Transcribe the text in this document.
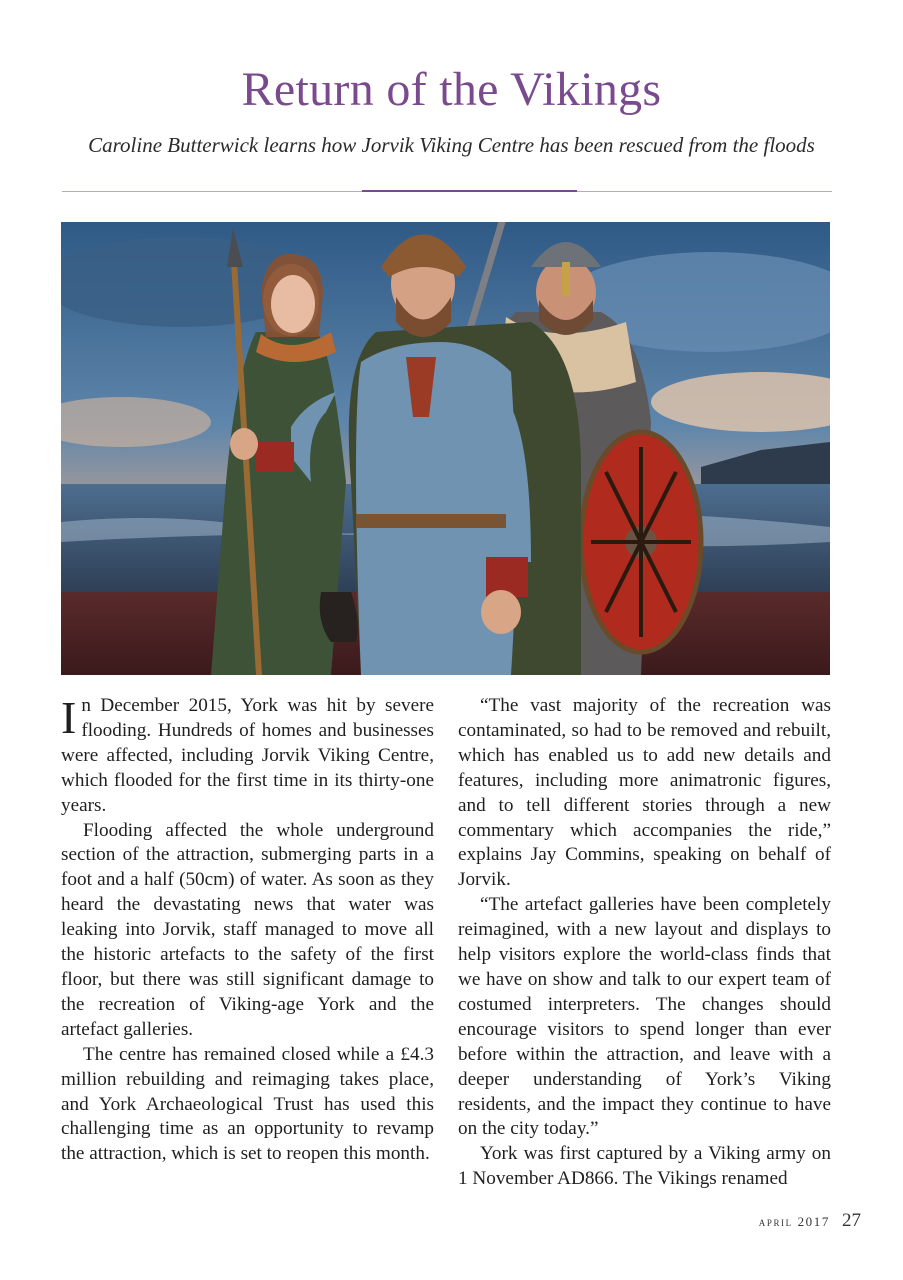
Return of the Vikings
Caroline Butterwick learns how Jorvik Viking Centre has been rescued from the floods

In December 2015, York was hit by severe flooding. Hundreds of homes and businesses were affected, including Jorvik Viking Centre, which flooded for the first time in its thirty-one years.

Flooding affected the whole underground section of the attraction, submerging parts in a foot and a half (50cm) of water. As soon as they heard the devastating news that water was leaking into Jorvik, staff managed to move all the historic artefacts to the safety of the first floor, but there was still significant damage to the recreation of Viking-age York and the artefact galleries.

The centre has remained closed while a £4.3 million rebuilding and reimaging takes place, and York Archaeological Trust has used this challenging time as an opportunity to revamp the attraction, which is set to reopen this month.

“The vast majority of the recreation was contaminated, so had to be removed and rebuilt, which has enabled us to add new details and features, including more animatronic figures, and to tell different stories through a new commentary which accompanies the ride,” explains Jay Commins, speaking on behalf of Jorvik.

“The artefact galleries have been completely reimagined, with a new layout and displays to help visitors explore the world-class finds that we have on show and talk to our expert team of costumed interpreters. The changes should encourage visitors to spend longer than ever before within the attraction, and leave with a deeper understanding of York’s Viking residents, and the impact they continue to have on the city today.”

York was first captured by a Viking army on 1 November AD866. The Vikings renamed

april 2017 27
